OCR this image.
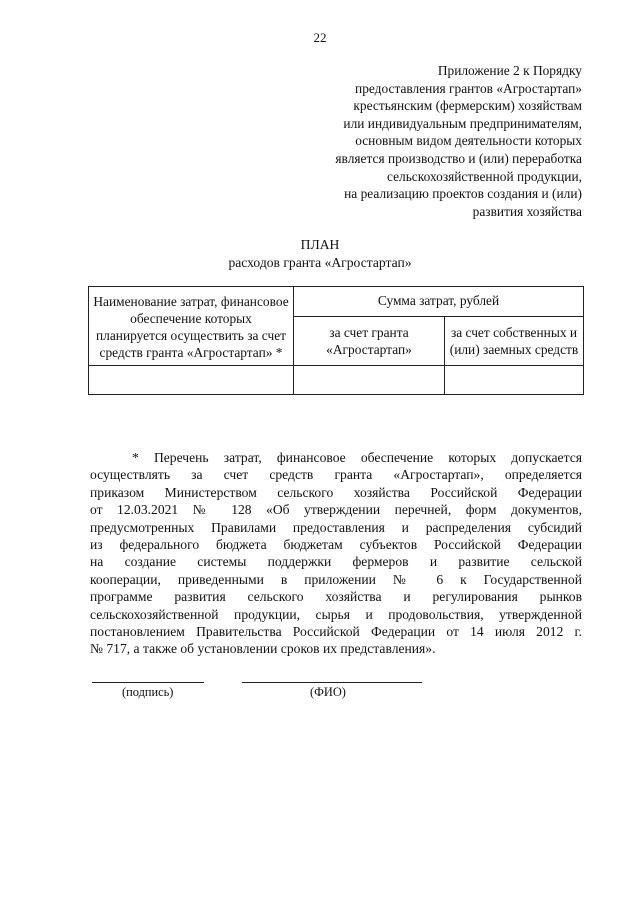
22
Приложение 2 к Порядку
предоставления грантов «Агростартап»
крестьянским (фермерским) хозяйствам
или индивидуальным предпринимателям,
основным видом деятельности которых
является производство и (или) переработка
сельскохозяйственной продукции,
на реализацию проектов создания и (или)
развития хозяйства
ПЛАН
расходов гранта «Агростартап»
Наименование затрат, финансовое обеспечение которых планируется осуществить за счет средств гранта «Агростартап» *	Сумма затрат, рублей	
	за счет гранта «Агростартап»	за счет собственных и (или) заемных средств

* Перечень затрат, финансовое обеспечение которых допускается
осуществлять за счет средств гранта «Агростартап», определяется
приказом Министерством сельского хозяйства Российской Федерации
от 12.03.2021 № 128 «Об утверждении перечней, форм документов,
предусмотренных Правилами предоставления и распределения субсидий
из федерального бюджета бюджетам субъектов Российской Федерации
на создание системы поддержки фермеров и развитие сельской
кооперации, приведенными в приложении № 6 к Государственной
программе развития сельского хозяйства и регулирования рынков
сельскохозяйственной продукции, сырья и продовольствия, утвержденной
постановлением Правительства Российской Федерации от 14 июля 2012 г.
№ 717, а также об установлении сроков их представления».
(подпись)	(ФИО)
